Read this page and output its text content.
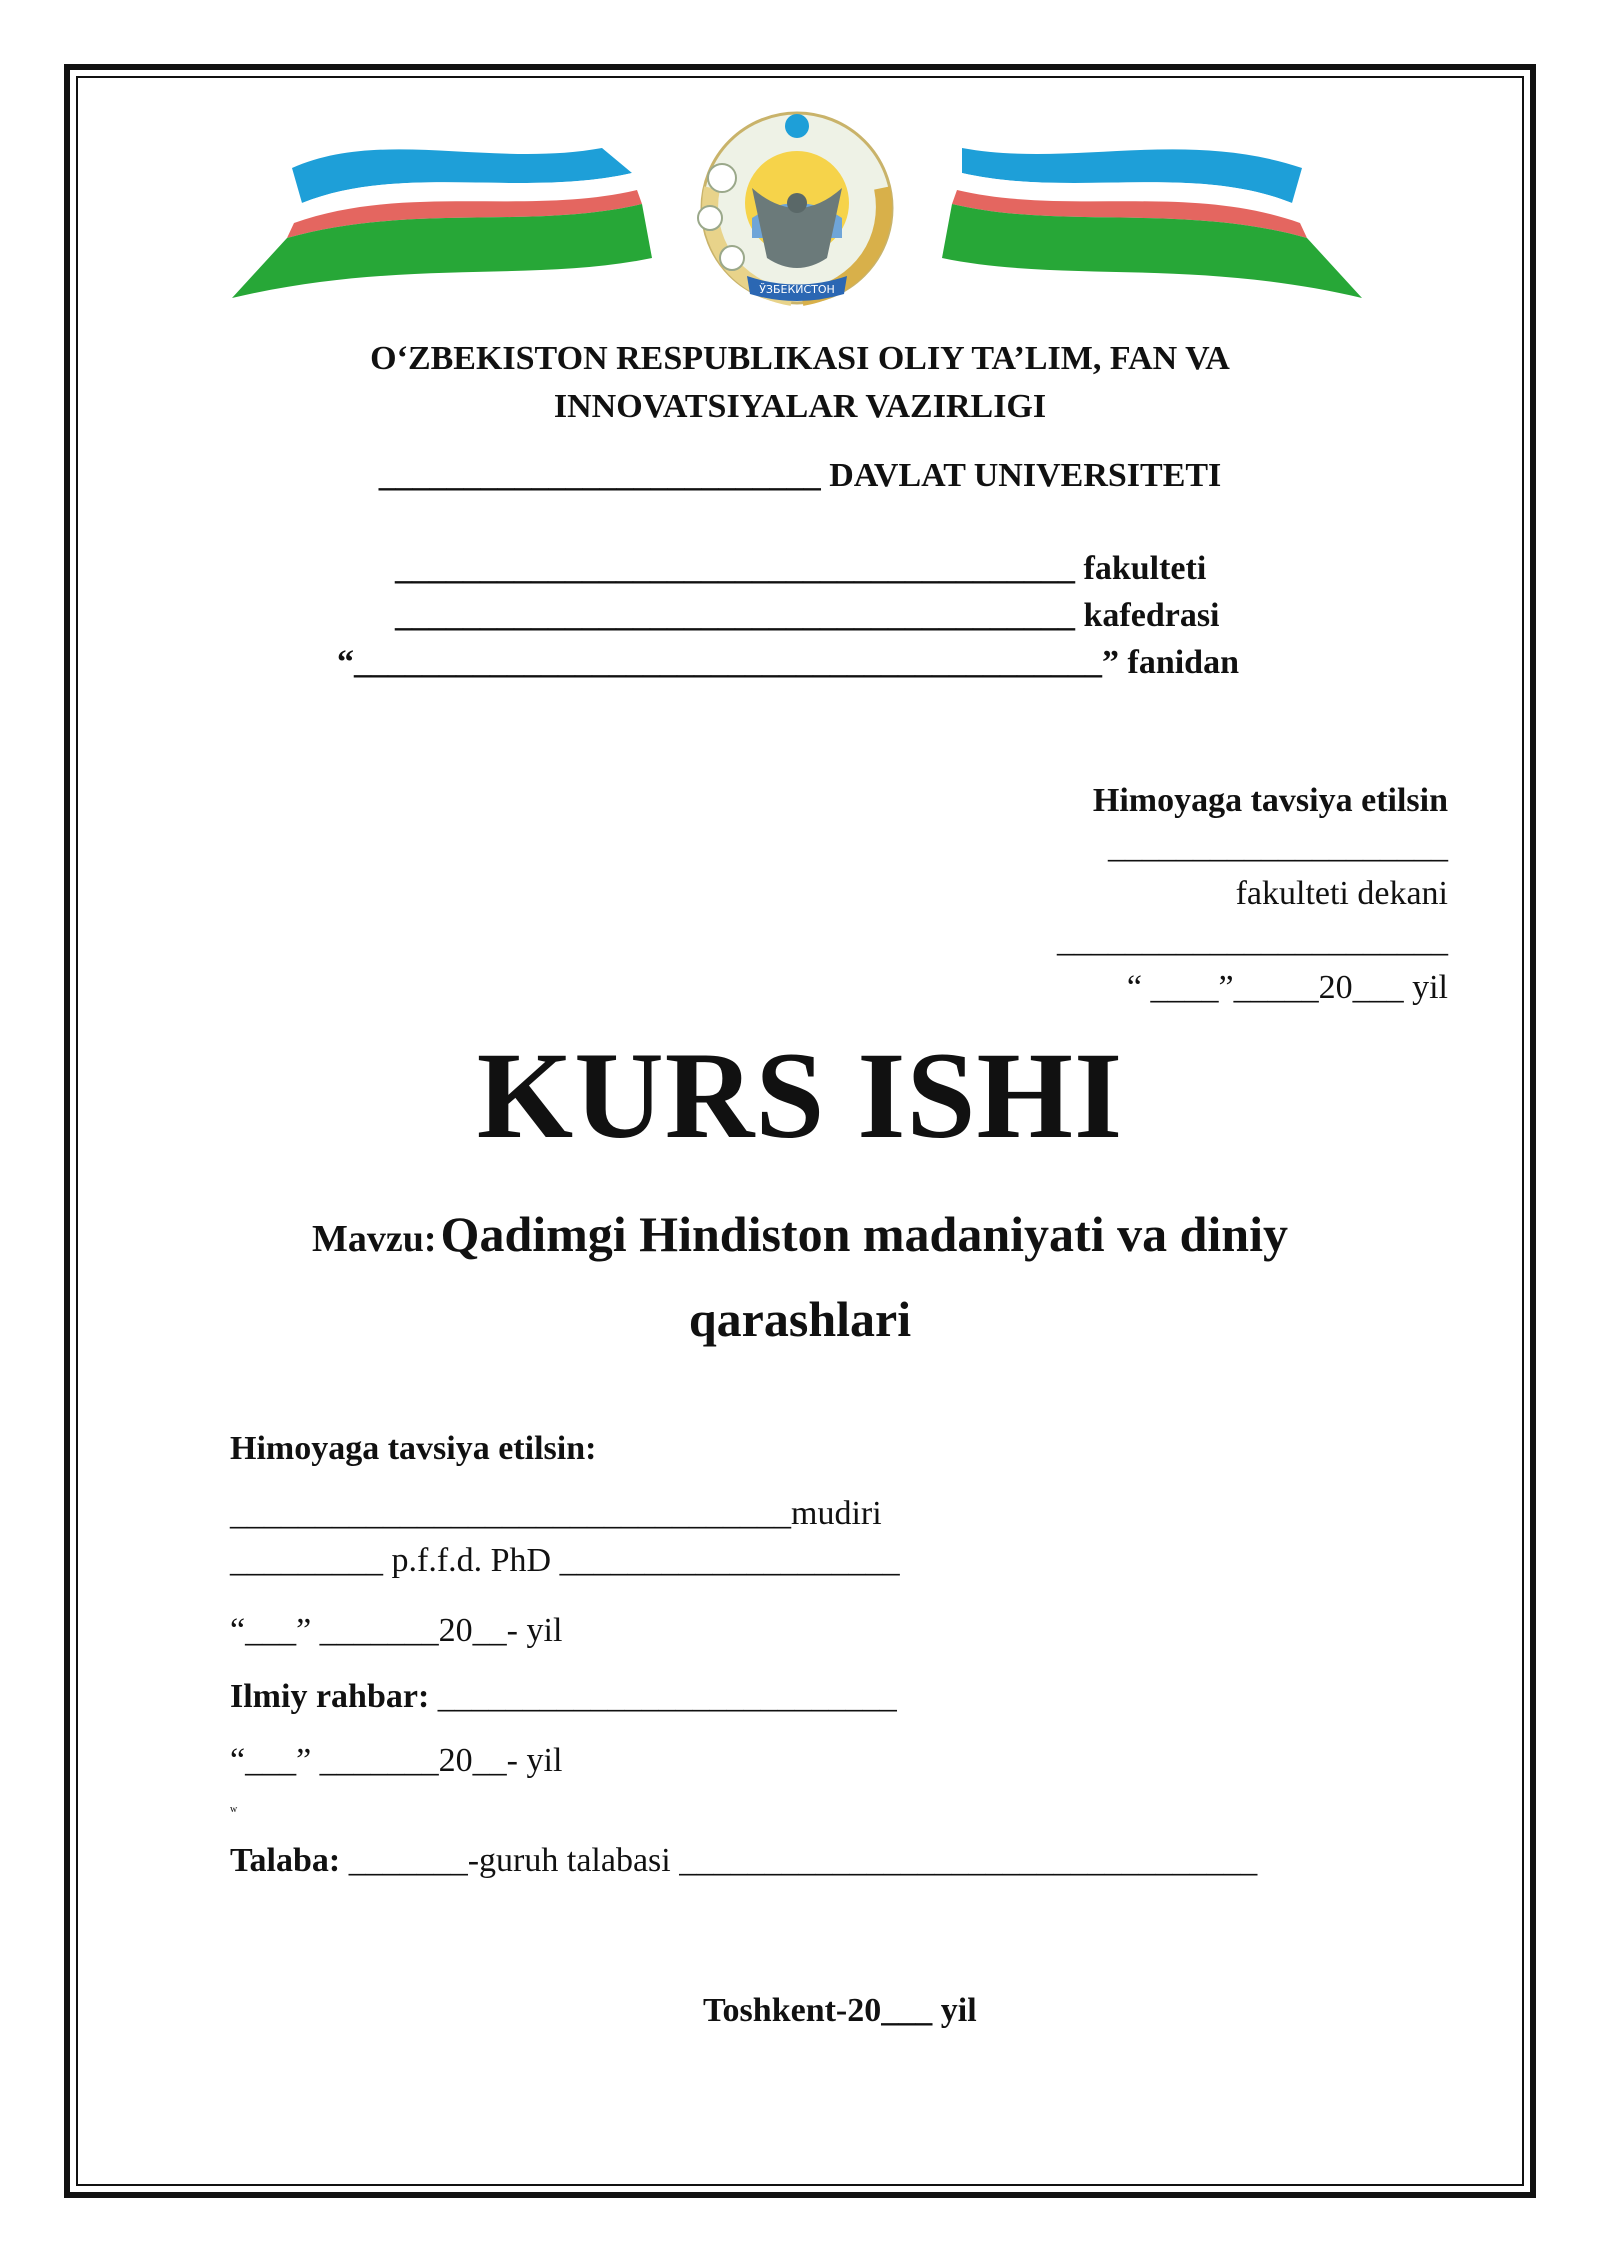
ЎЗБЕКИСТОН
O‘ZBEKISTON RESPUBLIKASI OLIY TA’LIM, FAN VA
INNOVATSIYALAR VAZIRLIGI
__________________________ DAVLAT UNIVERSITETI
________________________________________ fakulteti
________________________________________ kafedrasi
“____________________________________________” fanidan
Himoyaga tavsiya etilsin
____________________
fakulteti dekani
_______________________
“ ____”_____20___ yil
KURS ISHI
Mavzu: Qadimgi Hindiston madaniyati va diniy
qarashlari
Himoyaga tavsiya etilsin:
_________________________________mudiri
_________ p.f.f.d. PhD ____________________
“___” _______20__- yil
Ilmiy rahbar: ___________________________
“___” _______20__- yil
w
Talaba: _______-guruh talabasi __________________________________
Toshkent-20___ yil
